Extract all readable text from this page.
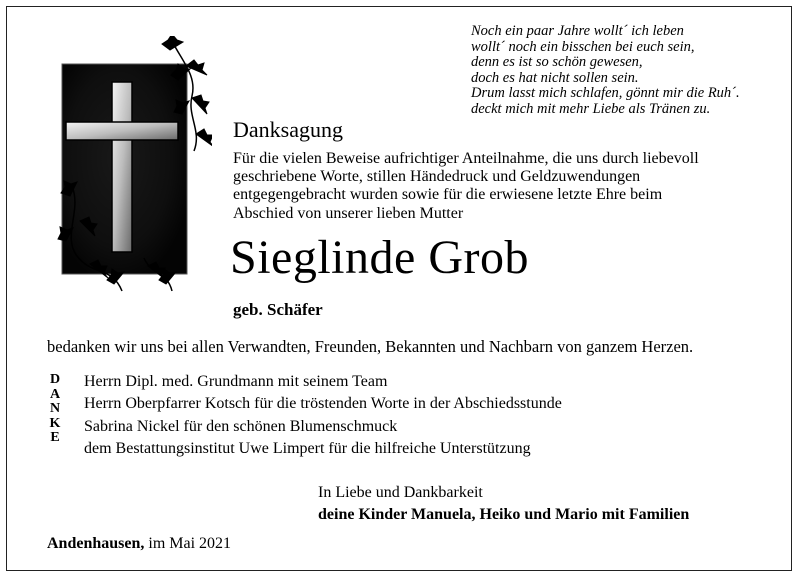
Noch ein paar Jahre wollt´ ich leben
wollt´ noch ein bisschen bei euch sein,
denn es ist so schön gewesen,
doch es hat nicht sollen sein.
Drum lasst mich schlafen, gönnt mir die Ruh´.
deckt mich mit mehr Liebe als Tränen zu.
Danksagung
Für die vielen Beweise aufrichtiger Anteilnahme, die uns durch liebevoll
geschriebene Worte, stillen Händedruck und Geldzuwendungen
entgegengebracht wurden sowie für die erwiesene letzte Ehre beim
Abschied von unserer lieben Mutter
Sieglinde Grob
geb. Schäfer
bedanken wir uns bei allen Verwandten, Freunden, Bekannten und Nachbarn von ganzem Herzen.
D
A
N
K
E
Herrn Dipl. med. Grundmann mit seinem Team
Herrn Oberpfarrer Kotsch für die tröstenden Worte in der Abschiedsstunde
Sabrina Nickel für den schönen Blumenschmuck
dem Bestattungsinstitut Uwe Limpert für die hilfreiche Unterstützung
In Liebe und Dankbarkeit
deine Kinder Manuela, Heiko und Mario mit Familien
Andenhausen, im Mai 2021
